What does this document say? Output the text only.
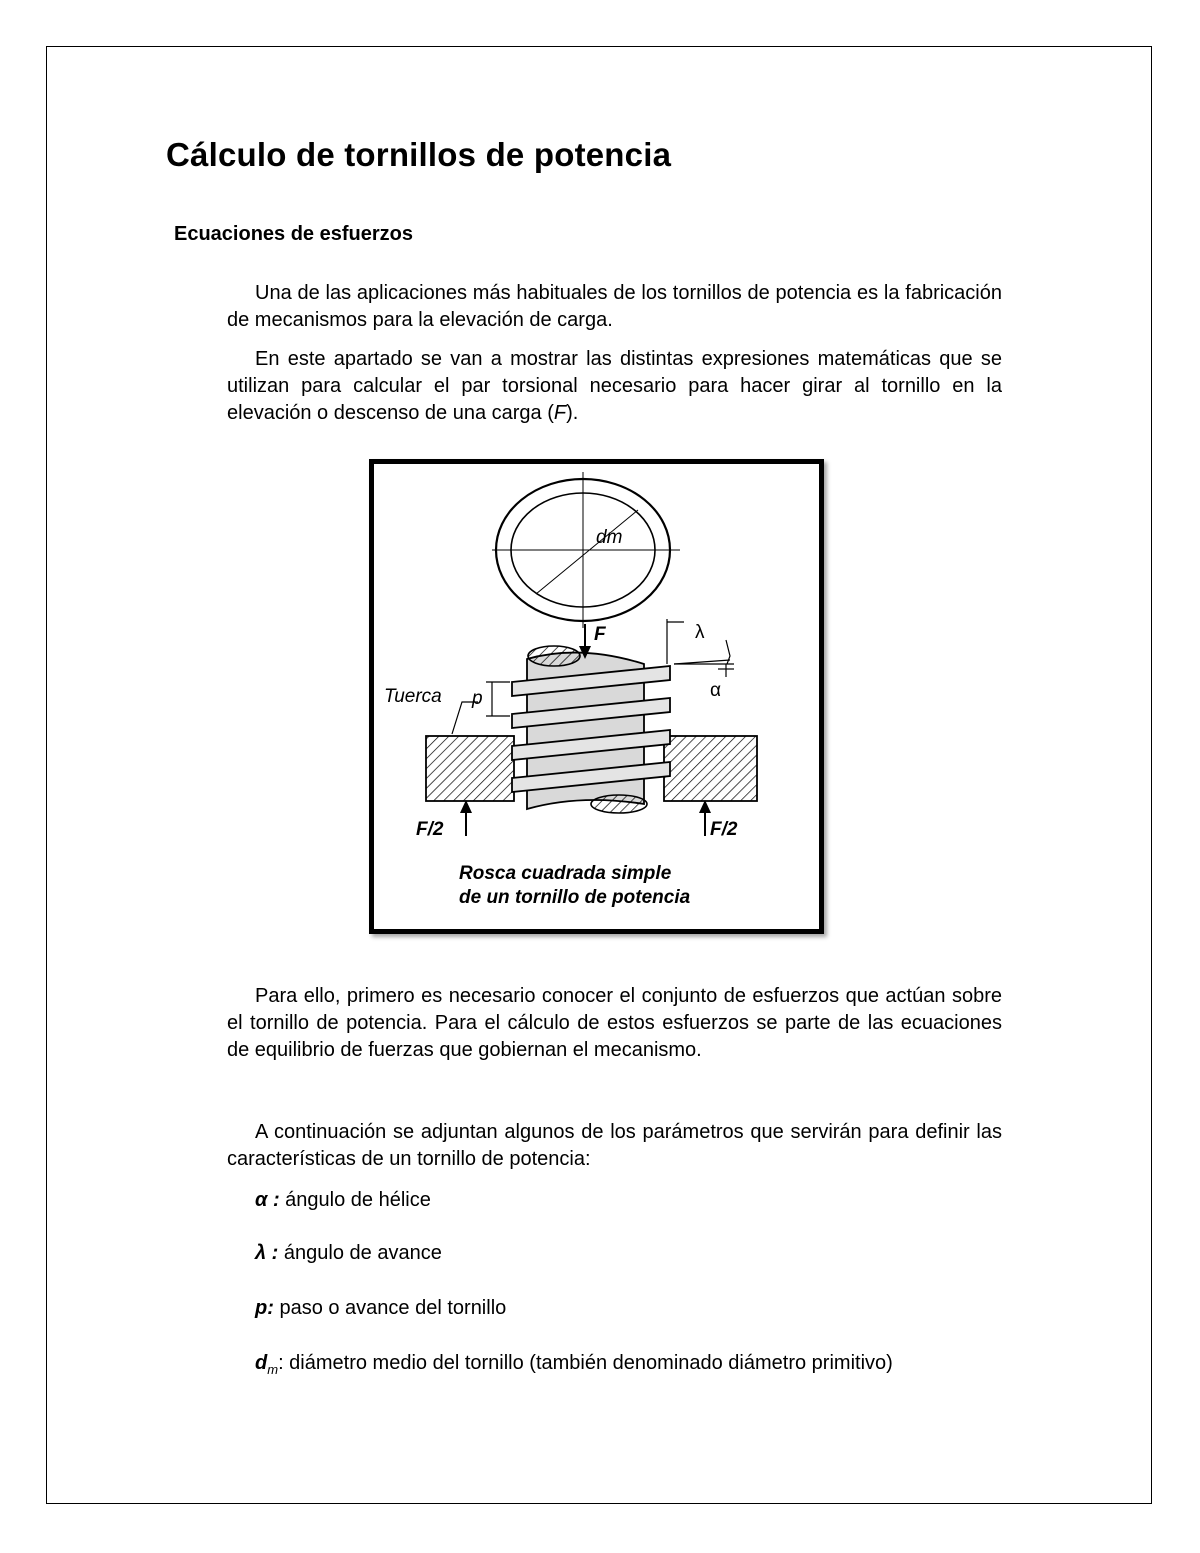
Cálculo de tornillos de potencia
Ecuaciones de esfuerzos

Una de las aplicaciones más habituales de los tornillos de potencia es la fabricación de mecanismos para la elevación de carga.

En este apartado se van a mostrar las distintas expresiones matemáticas que se utilizan para calcular el par torsional necesario para hacer girar al tornillo en la elevación o descenso de una carga (F).

dm
F	λ
α
Tuerca p
F/2	F/2

Rosca cuadrada simple
de un tornillo de potencia

Para ello, primero es necesario conocer el conjunto de esfuerzos que actúan sobre el tornillo de potencia. Para el cálculo de estos esfuerzos se parte de las ecuaciones de equilibrio de fuerzas que gobiernan el mecanismo.

A continuación se adjuntan algunos de los parámetros que servirán para definir las características de un tornillo de potencia:

α : ángulo de hélice

λ : ángulo de avance

p: paso o avance del tornillo

$d_m$: diámetro medio del tornillo (también denominado diámetro primitivo)
